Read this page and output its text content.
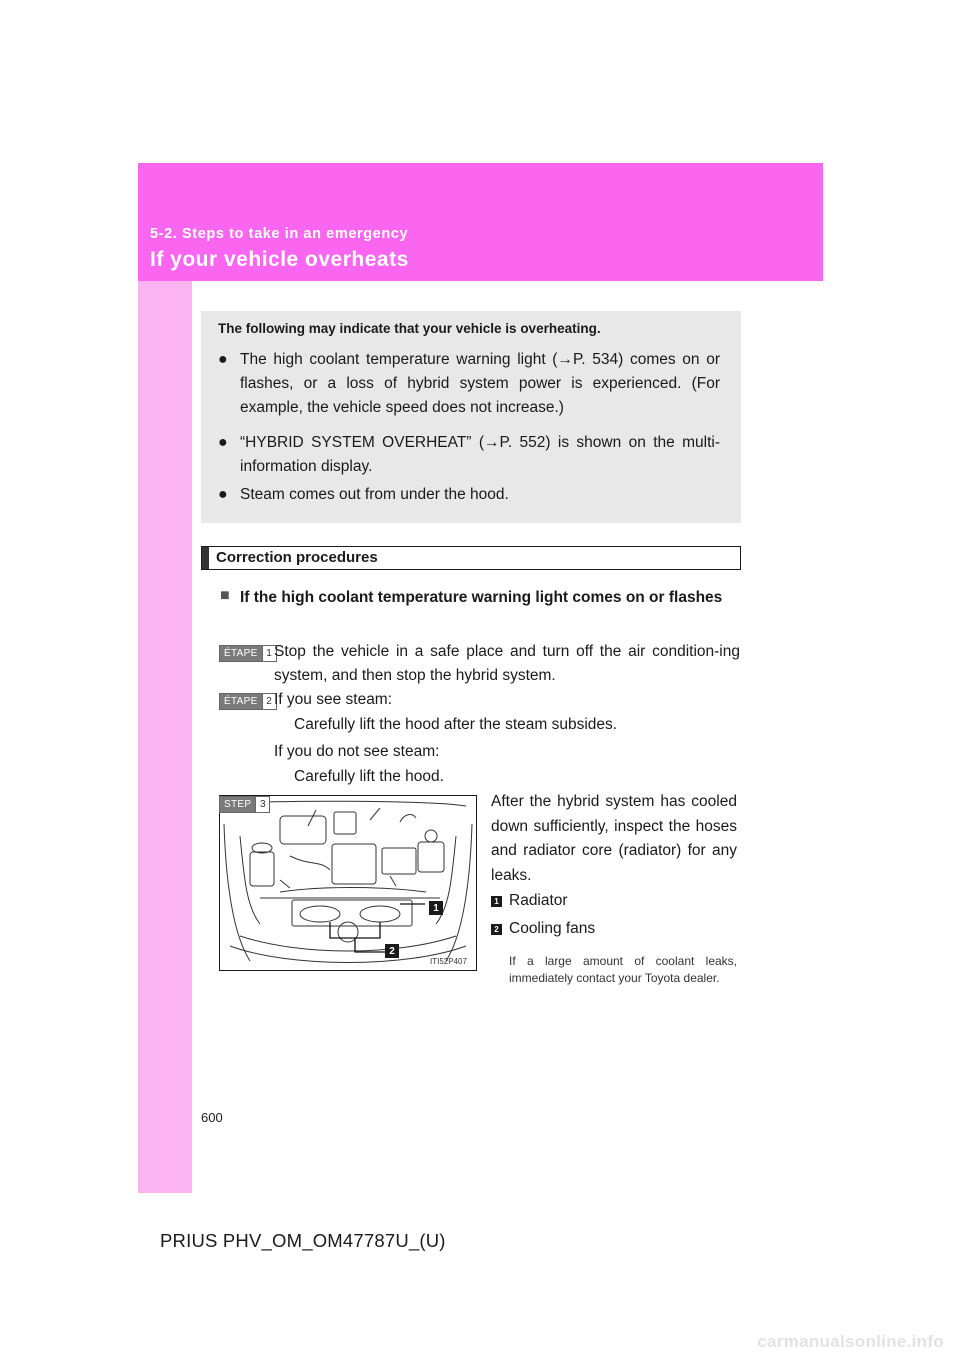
5-2. Steps to take in an emergency
If your vehicle overheats
The following may indicate that your vehicle is overheating.
● The high coolant temperature warning light (→P. 534) comes on or flashes, or a loss of hybrid system power is experienced. (For example, the vehicle speed does not increase.)
● “HYBRID SYSTEM OVERHEAT” (→P. 552) is shown on the multi-information display.
● Steam comes out from under the hood.
Correction procedures
■ If the high coolant temperature warning light comes on or flashes
ÉTAPE 1 Stop the vehicle in a safe place and turn off the air condition-ing system, and then stop the hybrid system.
ÉTAPE 2 If you see steam:
Carefully lift the hood after the steam subsides.
If you do not see steam:
Carefully lift the hood.
STEP 3
1
2
ITI52P407
After the hybrid system has cooled down sufficiently, inspect the hoses and radiator core (radiator) for any leaks.
1 Radiator
2 Cooling fans
If a large amount of coolant leaks, immediately contact your Toyota dealer.
600
PRIUS PHV_OM_OM47787U_(U)
carmanualsonline.info
